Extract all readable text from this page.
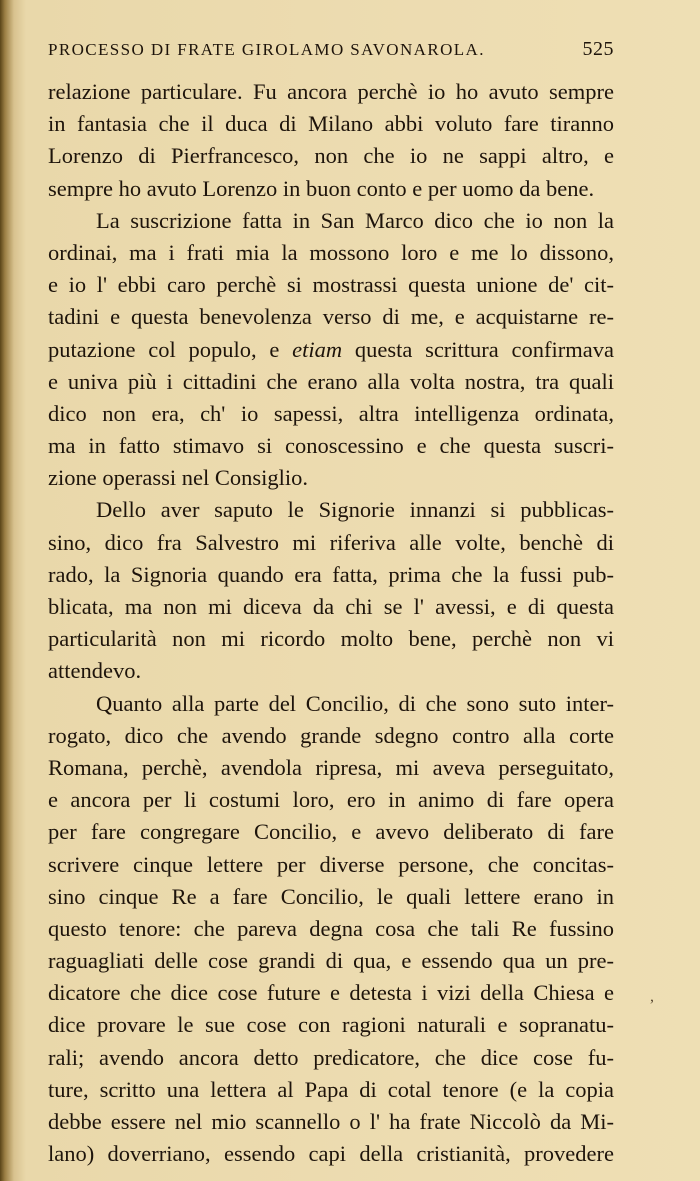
PROCESSO DI FRATE GIROLAMO SAVONAROLA.	525
relazione particulare. Fu ancora perchè io ho avuto sempre
in fantasia che il duca di Milano abbi voluto fare tiranno
Lorenzo di Pierfrancesco, non che io ne sappi altro, e
sempre ho avuto Lorenzo in buon conto e per uomo da bene.
La suscrizione fatta in San Marco dico che io non la
ordinai, ma i frati mia la mossono loro e me lo dissono,
e io l' ebbi caro perchè si mostrassi questa unione de' cit-
tadini e questa benevolenza verso di me, e acquistarne re-
putazione col populo, e etiam questa scrittura confirmava
e univa più i cittadini che erano alla volta nostra, tra quali
dico non era, ch' io sapessi, altra intelligenza ordinata,
ma in fatto stimavo si conoscessino e che questa suscri-
zione operassi nel Consiglio.
Dello aver saputo le Signorie innanzi si pubblicas-
sino, dico fra Salvestro mi riferiva alle volte, benchè di
rado, la Signoria quando era fatta, prima che la fussi pub-
blicata, ma non mi diceva da chi se l' avessi, e di questa
particularità non mi ricordo molto bene, perchè non vi
attendevo.
Quanto alla parte del Concilio, di che sono suto inter-
rogato, dico che avendo grande sdegno contro alla corte
Romana, perchè, avendola ripresa, mi aveva perseguitato,
e ancora per li costumi loro, ero in animo di fare opera
per fare congregare Concilio, e avevo deliberato di fare
scrivere cinque lettere per diverse persone, che concitas-
sino cinque Re a fare Concilio, le quali lettere erano in
questo tenore: che pareva degna cosa che tali Re fussino
raguagliati delle cose grandi di qua, e essendo qua un pre-
dicatore che dice cose future e detesta i vizi della Chiesa e
dice provare le sue cose con ragioni naturali e sopranatu-
rali; avendo ancora detto predicatore, che dice cose fu-
ture, scritto una lettera al Papa di cotal tenore (e la copia
debbe essere nel mio scannello o l' ha frate Niccolò da Mi-
lano) doverriano, essendo capi della cristianità, provedere
,
